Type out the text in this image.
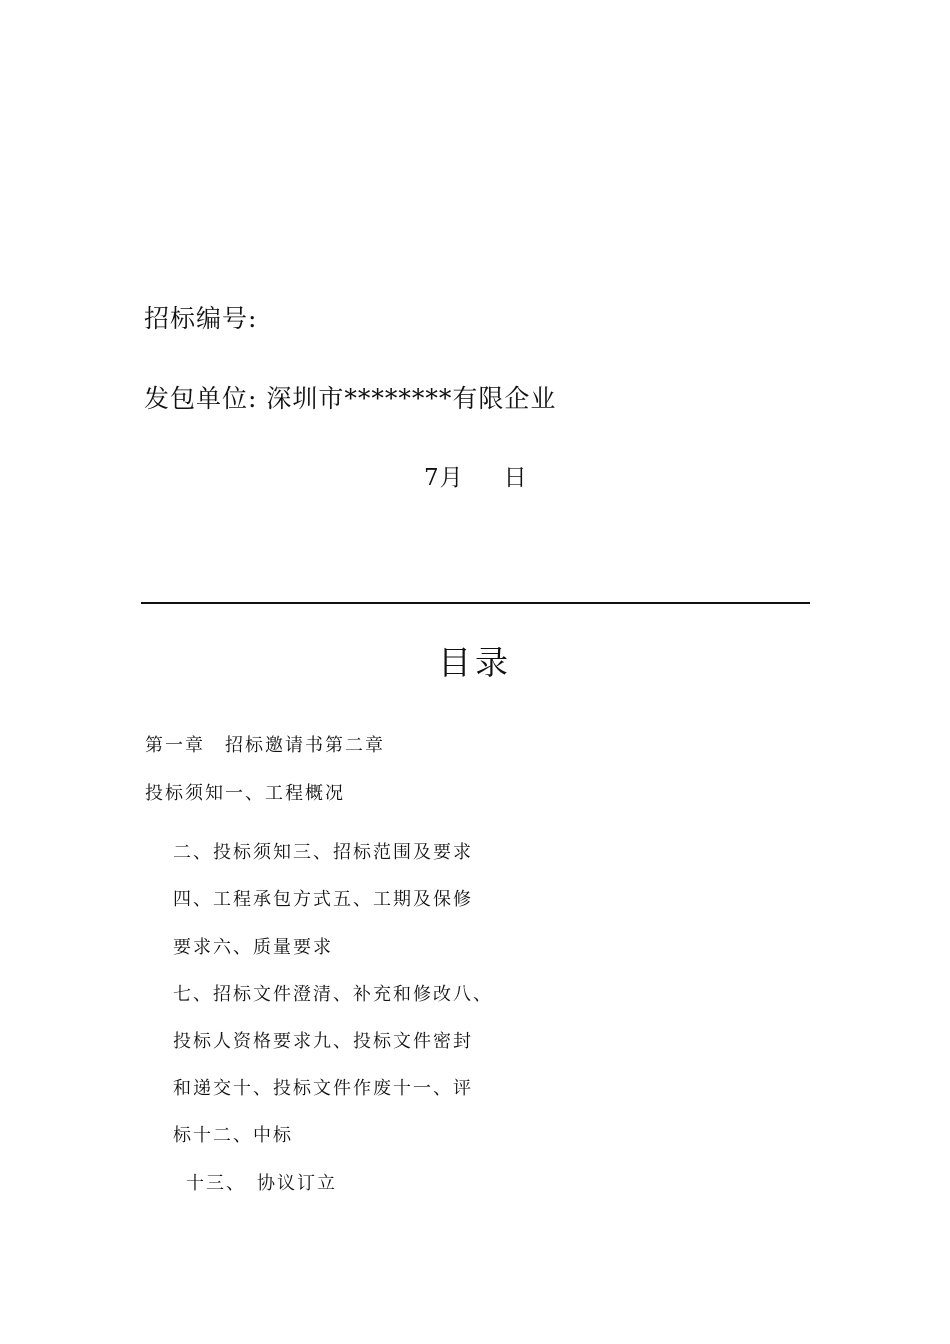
招标编号:
发包单位: 深圳市********有限企业
7月 日
目录
第一章　招标邀请书第二章
投标须知一、工程概况
二、投标须知三、招标范围及要求
四、工程承包方式五、工期及保修
要求六、质量要求
七、招标文件澄清、补充和修改八、
投标人资格要求九、投标文件密封
和递交十、投标文件作废十一、评
标十二、中标
十三、　协议订立
